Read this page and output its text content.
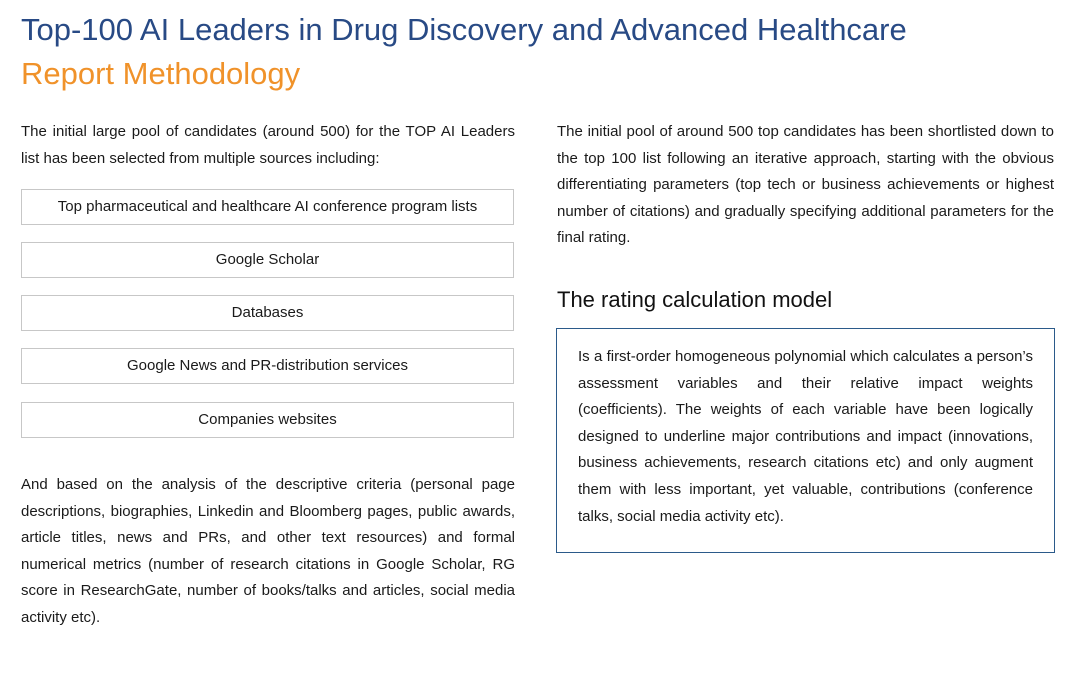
Top-100 AI Leaders in Drug Discovery and Advanced Healthcare
Report Methodology

The initial large pool of candidates (around 500) for the TOP AI Leaders list has been selected from multiple sources including:

Top pharmaceutical and healthcare AI conference program lists
Google Scholar
Databases
Google News and PR-distribution services
Companies websites

And based on the analysis of the descriptive criteria (personal page descriptions, biographies, Linkedin and Bloomberg pages, public awards, article titles, news and PRs, and other text resources) and formal numerical metrics (number of research citations in Google Scholar, RG score in ResearchGate, number of books/talks and articles, social media activity etc).

The initial pool of around 500 top candidates has been shortlisted down to the top 100 list following an iterative approach, starting with the obvious differentiating parameters (top tech or business achievements or highest number of citations) and gradually specifying additional parameters for the final rating.

The rating calculation model

Is a first-order homogeneous polynomial which calculates a person’s assessment variables and their relative impact weights (coefficients). The weights of each variable have been logically designed to underline major contributions and impact (innovations, business achievements, research citations etc) and only augment them with less important, yet valuable, contributions (conference talks, social media activity etc).
